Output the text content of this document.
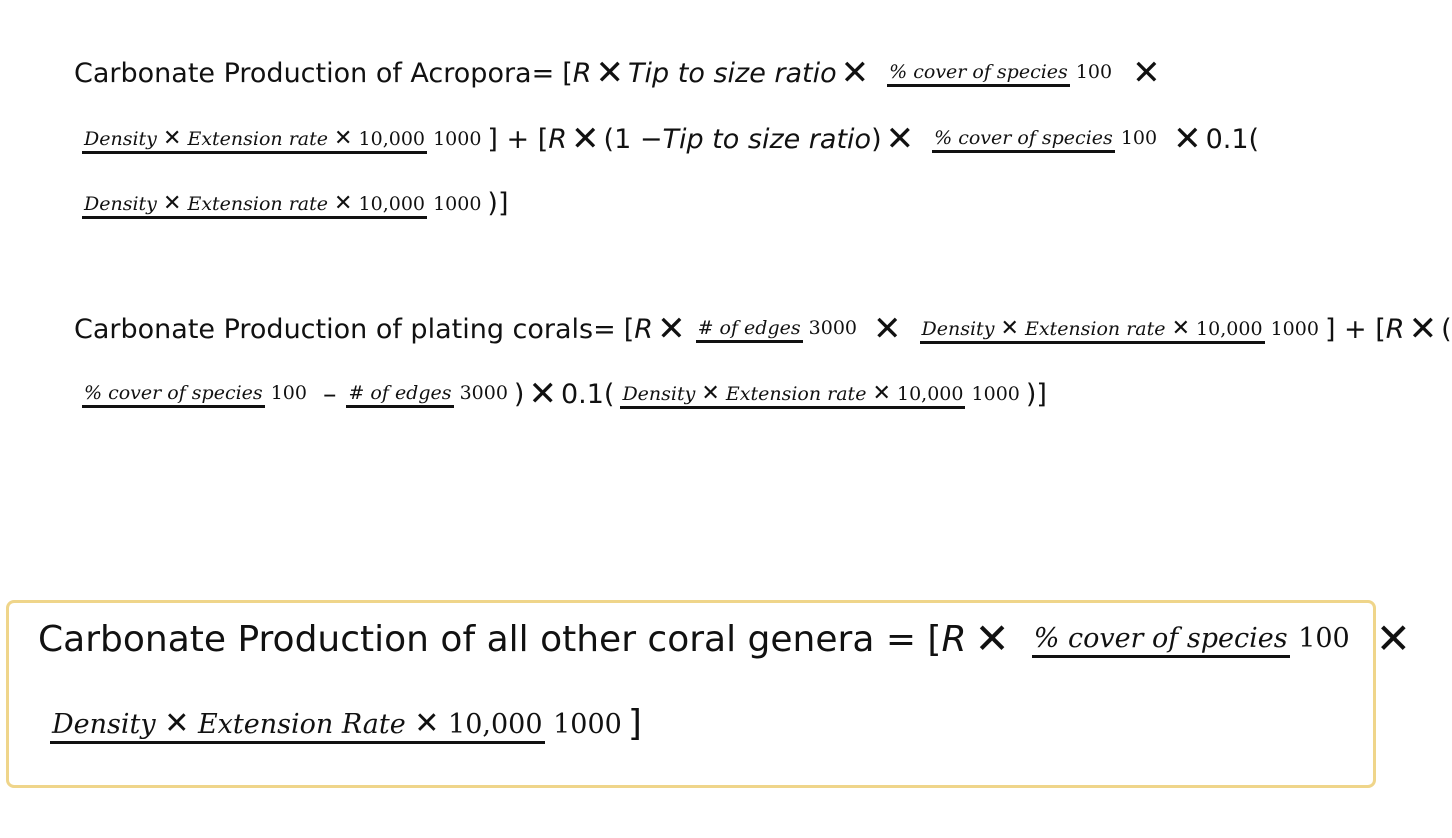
Carbonate Production of Acropora= [ R ✕ Tip to size ratio ✕ % cover of species 100 ✕
Density ✕ Extension rate ✕ 10,000 1000 ] + [ R ✕ (1 − Tip to size ratio ) ✕ % cover of species 100 ✕ 0.1(
Density ✕ Extension rate ✕ 10,000 1000 )]
Carbonate Production of plating corals= [ R ✕ # of edges 3000 ✕ Density ✕ Extension rate ✕ 10,000 1000 ] + [ R ✕ (
% cover of species 100 – # of edges 3000 ) ✕ 0.1( Density ✕ Extension rate ✕ 10,000 1000 )]
Carbonate Production of all other coral genera = [ R ✕ % cover of species 100 ✕
Density ✕ Extension Rate ✕ 10,000 1000 ]
